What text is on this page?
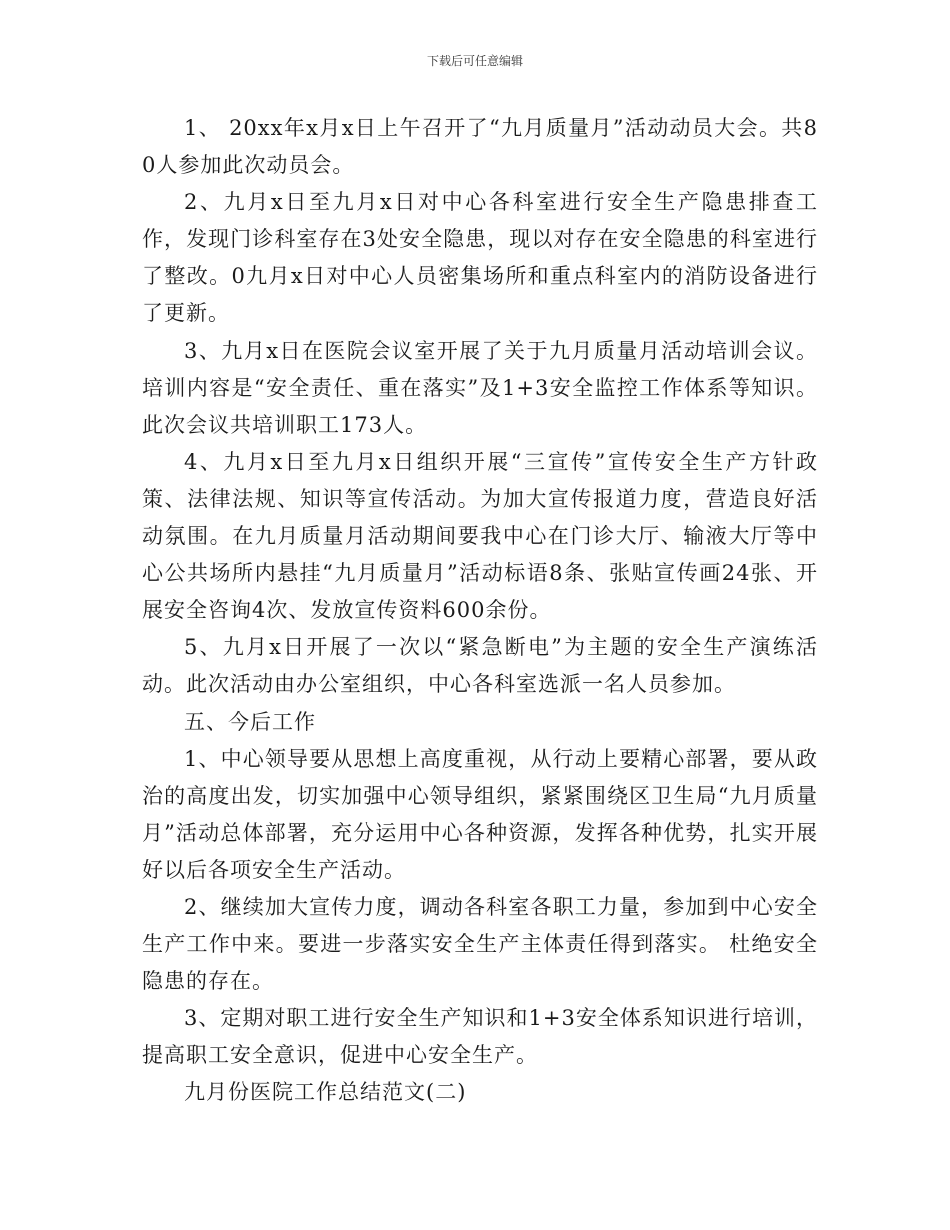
下载后可任意编辑

1、 20xx年x月x日上午召开了“九月质量月”活动动员大会。共80人参加此次动员会。

2、九月x日至九月x日对中心各科室进行安全生产隐患排查工作，发现门诊科室存在3处安全隐患，现以对存在安全隐患的科室进行了整改。0九月x日对中心人员密集场所和重点科室内的消防设备进行了更新。

3、九月x日在医院会议室开展了关于九月质量月活动培训会议。培训内容是“安全责任、重在落实”及1+3安全监控工作体系等知识。此次会议共培训职工173人。

4、九月x日至九月x日组织开展“三宣传”宣传安全生产方针政策、法律法规、知识等宣传活动。为加大宣传报道力度，营造良好活动氛围。在九月质量月活动期间要我中心在门诊大厅、输液大厅等中心公共场所内悬挂“九月质量月”活动标语8条、张贴宣传画24张、开展安全咨询4次、发放宣传资料600余份。

5、九月x日开展了一次以“紧急断电”为主题的安全生产演练活动。此次活动由办公室组织，中心各科室选派一名人员参加。

五、今后工作

1、中心领导要从思想上高度重视，从行动上要精心部署，要从政治的高度出发，切实加强中心领导组织，紧紧围绕区卫生局“九月质量月”活动总体部署，充分运用中心各种资源，发挥各种优势，扎实开展好以后各项安全生产活动。

2、继续加大宣传力度，调动各科室各职工力量，参加到中心安全生产工作中来。要进一步落实安全生产主体责任得到落实。 杜绝安全隐患的存在。

3、定期对职工进行安全生产知识和1+3安全体系知识进行培训，提高职工安全意识，促进中心安全生产。

九月份医院工作总结范文(二)
